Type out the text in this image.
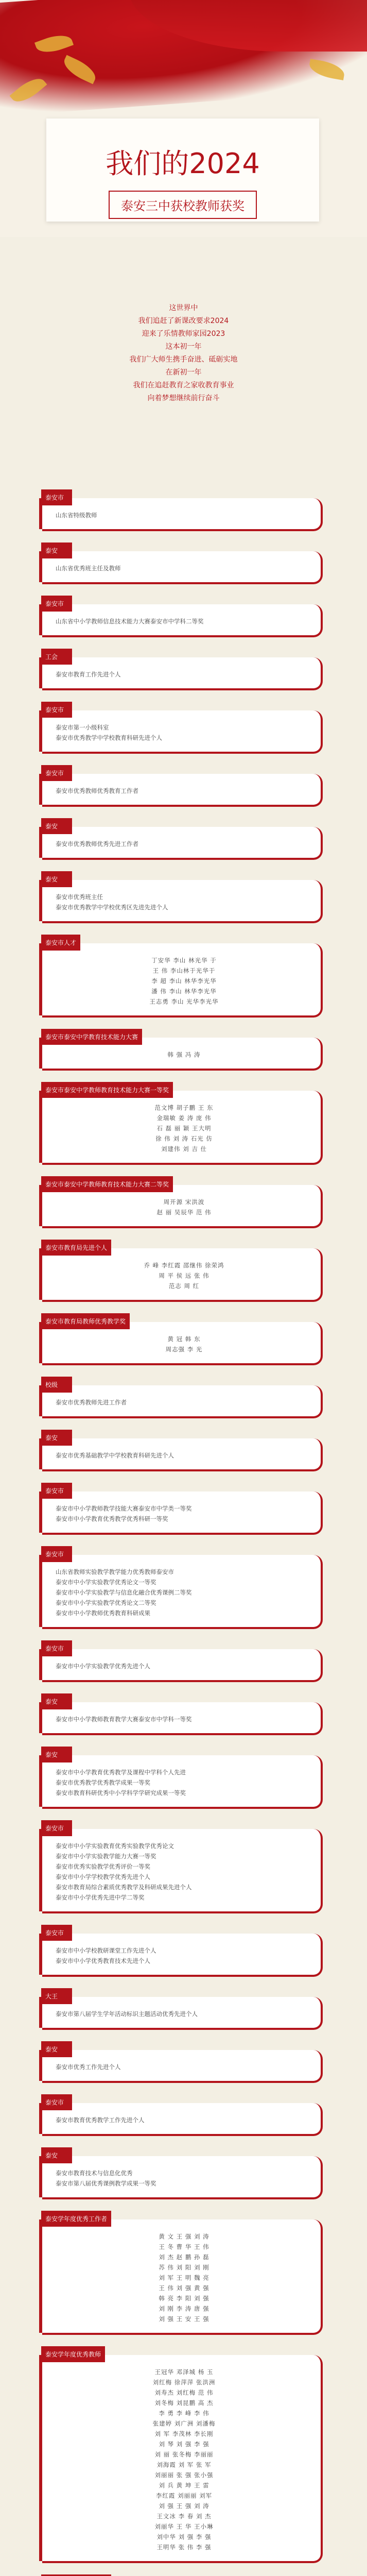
我们的2024
泰安三中获校教师获奖

这世界中

我们追赶了新课改要求2024

迎来了乐情教师家园2023

这本初一年

我们广大师生携手奋进、砥砺实地

在新初一年

我们在追赶教育之家收教育事业

向着梦想继续前行奋斗

泰安市

山东省特级教师

泰安

山东省优秀班主任及教师

泰安市

山东省中小学教师信息技术能力大赛泰安市中学科二等奖

工会

泰安市教育工作先进个人

泰安市

泰安市第一小级科室

泰安市优秀教学中学校教育科研先进个人

泰安市

泰安市优秀教师优秀教育工作者

泰安

泰安市优秀教师优秀先进工作者

泰安

泰安市优秀班主任

泰安市优秀教学中学校优秀区先进先进个人

泰安市人才

丁安华 李山 林光华 于

王 伟 李山林于光华于

李 超 李山 林华李光华

潘 伟 李山 林华李光华

王志勇 李山 光华李光华

泰安市泰安中学教育技术能力大赛

韩 强 冯 涛

泰安市泰安中学教师教育技术能力大赛一等奖

范文博 胡子鹏 王 东

金瑞敏 姜 涛 庞 伟

石 磊 丽 颖 王大明

徐 伟 刘 涛 石光 仿

刘建伟 刘 吉 仕

泰安市泰安中学教师教育技术能力大赛二等奖

周开源 宋洪波

赵 丽 吴辰华 范 伟

泰安市教育局先进个人

乔 峰 李红霞 邵继伟 徐荣鸿

周 平 侯 远 张 伟

范志 周 红

泰安市教育局教师优秀教学奖

黄 冠 韩 东

周志强 李 光

校级

泰安市优秀教师先进工作者

泰安

泰安市优秀基础教学中学校教育科研先进个人

泰安市

泰安市中小学教师教学技能大赛泰安市中学类一等奖

泰安市中小学教育优秀教学优秀科研一等奖

泰安市

山东省教师实验教学教学能力优秀教师泰安市

泰安市中小学实验教学优秀论文一等奖

泰安市中小学实验教学与信息化融合优秀课例二等奖

泰安市中小学实验教学优秀论文二等奖

泰安市中小学教师优秀教育科研成果

泰安市

泰安市中小学实验教学优秀先进个人

泰安

泰安市中小学教师教育教学大赛泰安市中学科一等奖

泰安

泰安市中小学教育优秀教学及课程中学科个人先进

泰安市优秀教学优秀教学成果一等奖

泰安市教育科研优秀中小学科学学研究成果一等奖

泰安市

泰安市中小学实验教育优秀实验教学优秀论文

泰安市中小学实验教学能力大赛一等奖

泰安市优秀实验教学优秀评价一等奖

泰安市中小学学校教学优秀先进个人

泰安市教育局综合素质优秀教学及科研成果先进个人

泰安市中小学优秀先进中学二等奖

泰安市

泰安市中小学校教研课堂工作先进个人

泰安市中小学优秀教育技术先进个人

大王

泰安市第八届学生学年活动标识主题活动优秀先进个人

泰安

泰安市优秀工作先进个人

泰安市

泰安市教育优秀教学工作先进个人

泰安

泰安市教育技术与信息化优秀

泰安市第八届优秀课例教学成果一等奖

泰安学年度优秀工作者

黄 文 王 强 刘 涛

王 冬 曹 华 王 伟

刘 杰 赵 鹏 孙 磊

苏 伟 刘 阳 刘 刚

刘 军 王 明 魏 亮

王 伟 刘 强 黄 强

韩 亮 李 阳 刘 强

刘 刚 李 涛 唐 强

刘 强 王 安 王 强

泰安学年度优秀教师

王冠华 邓泽城 杨 玉

刘红梅 徐萍萍 张洪洲

刘寿杰 刘红梅 范 伟

刘冬梅 刘昆鹏 高 杰

李 勇 李 峰 李 伟

张建婷 刘广洲 刘潘梅

刘 军 李茂林 李长刚

刘 琴 刘 强 李 强

刘 丽 张冬梅 李丽丽

刘海霞 刘 军 张 军

刘丽丽 张 强 张小强

刘 兵 黄 坤 王 雷

李红霞 刘丽丽 刘军

刘 强 王 强 刘 涛

王文冰 李 春 刘 杰

刘丽华 王 华 王小琳

刘中华 刘 强 李 强

王明华 张 伟 李 强
